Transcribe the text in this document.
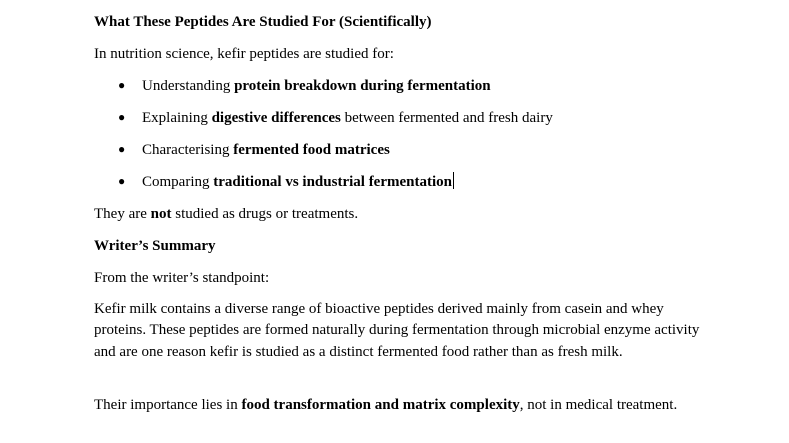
What These Peptides Are Studied For (Scientifically)
In nutrition science, kefir peptides are studied for:
● Understanding protein breakdown during fermentation
● Explaining digestive differences between fermented and fresh dairy
● Characterising fermented food matrices
● Comparing traditional vs industrial fermentation
They are not studied as drugs or treatments.
Writer’s Summary
From the writer’s standpoint:
Kefir milk contains a diverse range of bioactive peptides derived mainly from casein and whey proteins. These peptides are formed naturally during fermentation through microbial enzyme activity and are one reason kefir is studied as a distinct fermented food rather than as fresh milk.
Their importance lies in food transformation and matrix complexity, not in medical treatment.
